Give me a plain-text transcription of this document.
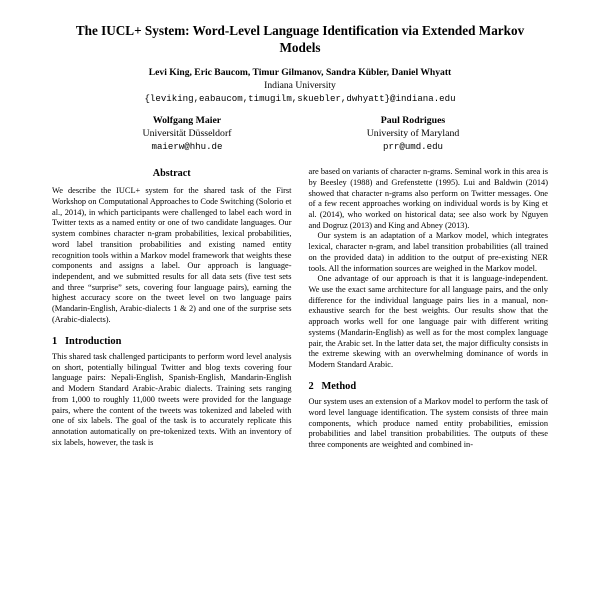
The IUCL+ System: Word-Level Language Identification via Extended Markov Models
Levi King, Eric Baucom, Timur Gilmanov, Sandra Kübler, Daniel Whyatt
Indiana University
{leviking,eabaucom,timugilm,skuebler,dwhyatt}@indiana.edu
Wolfgang Maier
Universität Düsseldorf
maierw@hhu.de
Paul Rodrigues
University of Maryland
prr@umd.edu
Abstract

We describe the IUCL+ system for the shared task of the First Workshop on Computational Approaches to Code Switching (Solorio et al., 2014), in which participants were challenged to label each word in Twitter texts as a named entity or one of two candidate languages. Our system combines character n-gram probabilities, lexical probabilities, word label transition probabilities and existing named entity recognition tools within a Markov model framework that weights these components and assigns a label. Our approach is language-independent, and we submitted results for all data sets (five test sets and three “surprise” sets, covering four language pairs), earning the highest accuracy score on the tweet level on two language pairs (Mandarin-English, Arabic-dialects 1 & 2) and one of the surprise sets (Arabic-dialects).

1 Introduction

This shared task challenged participants to perform word level analysis on short, potentially bilingual Twitter and blog texts covering four language pairs: Nepali-English, Spanish-English, Mandarin-English and Modern Standard Arabic-Arabic dialects. Training sets ranging from 1,000 to roughly 11,000 tweets were provided for the language pairs, where the content of the tweets was tokenized and labeled with one of six labels. The goal of the task is to accurately replicate this annotation automatically on pre-tokenized texts. With an inventory of six labels, however, the task is

are based on variants of character n-grams. Seminal work in this area is by Beesley (1988) and Grefenstette (1995). Lui and Baldwin (2014) showed that character n-grams also perform on Twitter messages. One of a few recent approaches working on individual words is by King et al. (2014), who worked on historical data; see also work by Nguyen and Dogruz (2013) and King and Abney (2013).

Our system is an adaptation of a Markov model, which integrates lexical, character n-gram, and label transition probabilities (all trained on the provided data) in addition to the output of pre-existing NER tools. All the information sources are weighed in the Markov model.

One advantage of our approach is that it is language-independent. We use the exact same architecture for all language pairs, and the only difference for the individual language pairs lies in a manual, non-exhaustive search for the best weights. Our results show that the approach works well for one language pair with different writing systems (Mandarin-English) as well as for the most complex language pair, the Arabic set. In the latter data set, the major difficulty consists in the extreme skewing with an overwhelming dominance of words in Modern Standard Arabic.

2 Method

Our system uses an extension of a Markov model to perform the task of word level language identification. The system consists of three main components, which produce named entity probabilities, emission probabilities and label transition probabilities. The outputs of these three components are weighted and combined in-
